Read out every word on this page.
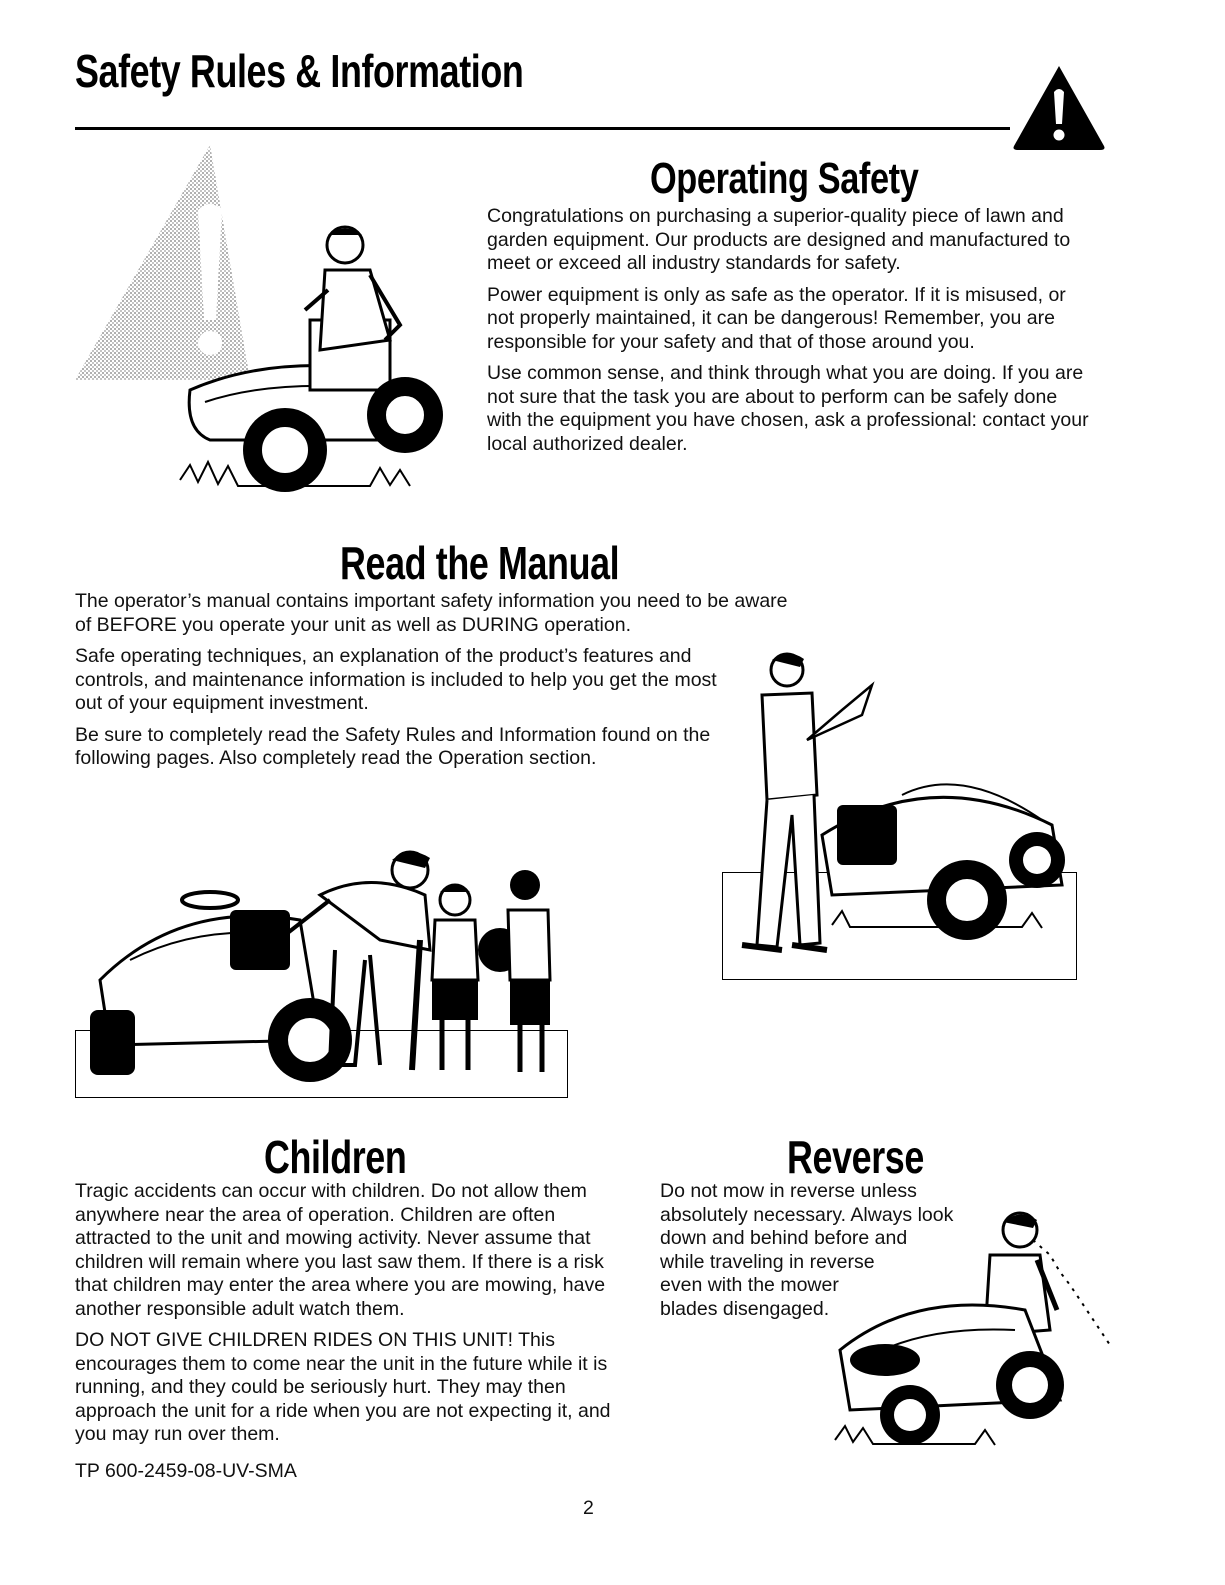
Safety Rules & Information
Operating Safety

Congratulations on purchasing a superior-quality piece of lawn and garden equipment. Our products are designed and manufactured to meet or exceed all industry standards for safety.

Power equipment is only as safe as the operator. If it is misused, or not properly maintained, it can be dangerous! Remember, you are responsible for your safety and that of those around you.

Use common sense, and think through what you are doing. If you are not sure that the task you are about to perform can be safely done with the equipment you have chosen, ask a professional: contact your local authorized dealer.

Read the Manual

The operator’s manual contains important safety information you need to be aware of BEFORE you operate your unit as well as DURING operation.

Safe operating techniques, an explanation of the product’s features and controls, and maintenance information is included to help you get the most out of your equipment investment.

Be sure to completely read the Safety Rules and Information found on the following pages. Also completely read the Operation section.

Children

Tragic accidents can occur with children. Do not allow them anywhere near the area of operation. Children are often attracted to the unit and mowing activity. Never assume that children will remain where you last saw them. If there is a risk that children may enter the area where you are mowing, have another responsible adult watch them.

DO NOT GIVE CHILDREN RIDES ON THIS UNIT! This encourages them to come near the unit in the future while it is running, and they could be seriously hurt. They may then approach the unit for a ride when you are not expecting it, and you may run over them.

Reverse
Do not mow in reverse unless
absolutely necessary. Always look
down and behind before and
while traveling in reverse
even with the mower
blades disengaged.
TP 600-2459-08-UV-SMA
2
